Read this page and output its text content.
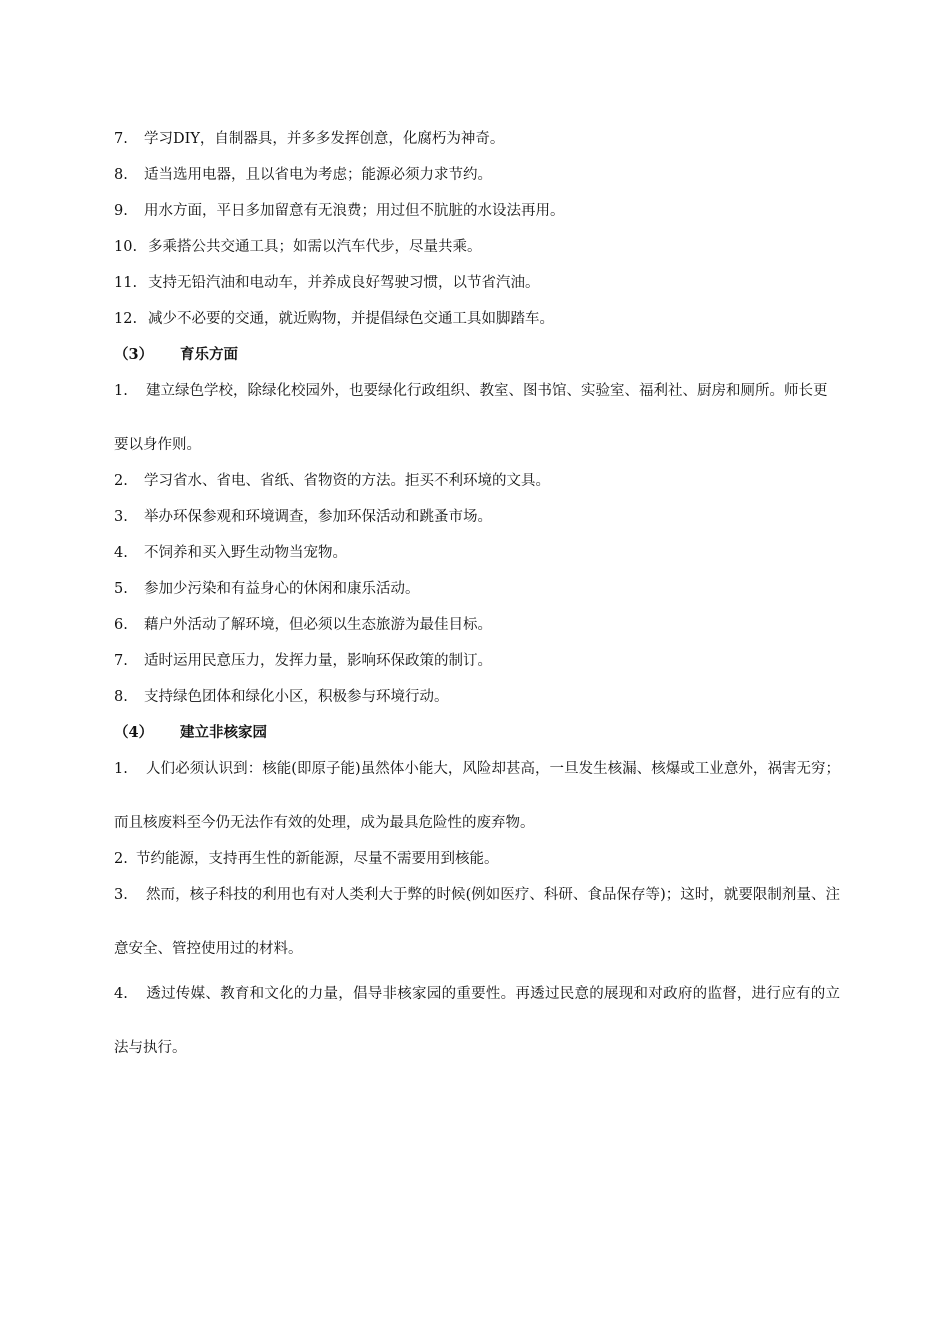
7. 学习DIY，自制器具，并多多发挥创意，化腐朽为神奇。

8. 适当选用电器，且以省电为考虑；能源必须力求节约。

9. 用水方面，平日多加留意有无浪费；用过但不肮脏的水设法再用。

10. 多乘搭公共交通工具；如需以汽车代步，尽量共乘。

11. 支持无铅汽油和电动车，并养成良好驾驶习惯，以节省汽油。

12. 减少不必要的交通，就近购物，并提倡绿色交通工具如脚踏车。

（3） 育乐方面

1. 建立绿色学校，除绿化校园外，也要绿化行政组织、教室、图书馆、实验室、福利社、厨房和厕所。师长更要以身作则。

2. 学习省水、省电、省纸、省物资的方法。拒买不利环境的文具。

3. 举办环保参观和环境调查，参加环保活动和跳蚤市场。

4. 不饲养和买入野生动物当宠物。

5. 参加少污染和有益身心的休闲和康乐活动。

6. 藉户外活动了解环境，但必须以生态旅游为最佳目标。

7. 适时运用民意压力，发挥力量，影响环保政策的制订。

8. 支持绿色团体和绿化小区，积极参与环境行动。

（4） 建立非核家园

1. 人们必须认识到：核能(即原子能)虽然体小能大，风险却甚高，一旦发生核漏、核爆或工业意外，祸害无穷；而且核废料至今仍无法作有效的处理，成为最具危险性的废弃物。

2. 节约能源，支持再生性的新能源，尽量不需要用到核能。

3. 然而，核子科技的利用也有对人类利大于弊的时候(例如医疗、科研、食品保存等)；这时，就要限制剂量、注意安全、管控使用过的材料。

4. 透过传媒、教育和文化的力量，倡导非核家园的重要性。再透过民意的展现和对政府的监督，进行应有的立法与执行。
